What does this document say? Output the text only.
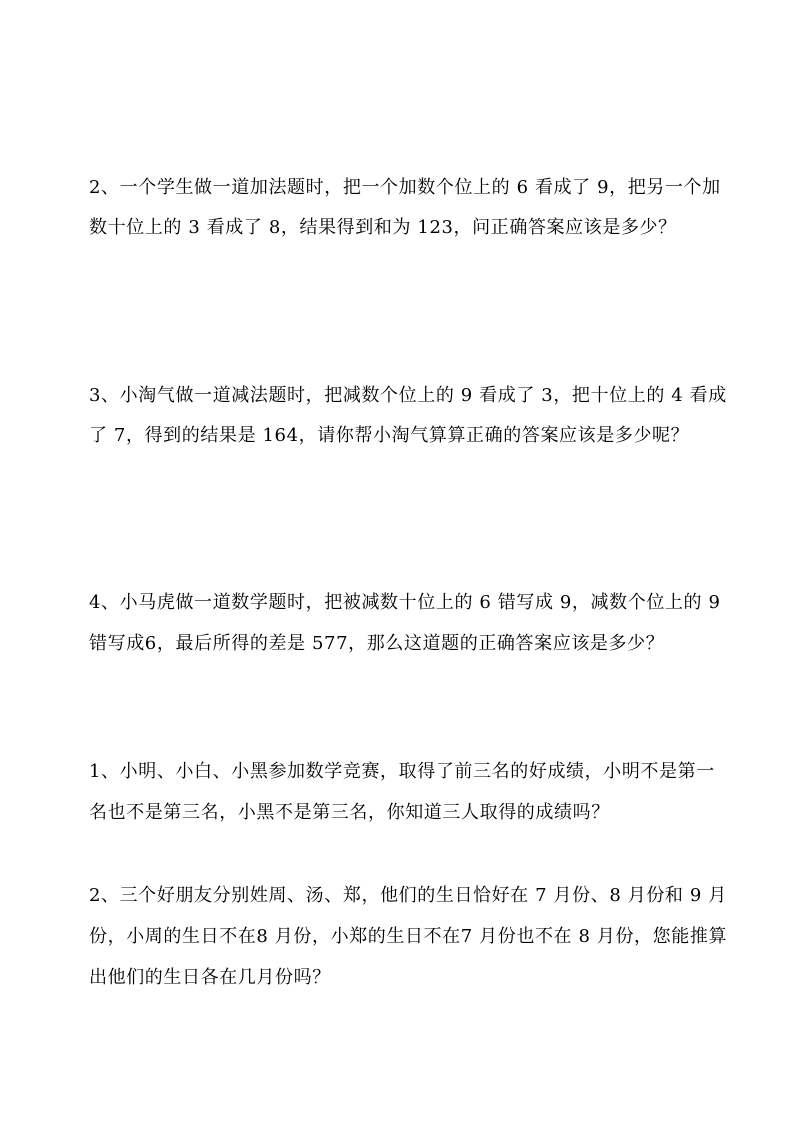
2、一个学生做一道加法题时，把一个加数个位上的 6 看成了 9，把另一个加
数十位上的 3 看成了 8，结果得到和为 123，问正确答案应该是多少？
3、小淘气做一道减法题时，把减数个位上的 9 看成了 3，把十位上的 4 看成
了 7，得到的结果是 164，请你帮小淘气算算正确的答案应该是多少呢？
4、小马虎做一道数学题时，把被减数十位上的 6 错写成 9，减数个位上的 9
错写成6，最后所得的差是 577，那么这道题的正确答案应该是多少？
1、小明、小白、小黑参加数学竞赛，取得了前三名的好成绩，小明不是第一
名也不是第三名，小黑不是第三名，你知道三人取得的成绩吗？
2、三个好朋友分别姓周、汤、郑，他们的生日恰好在 7 月份、8 月份和 9 月
份，小周的生日不在8 月份，小郑的生日不在7 月份也不在 8 月份，您能推算
出他们的生日各在几月份吗？
